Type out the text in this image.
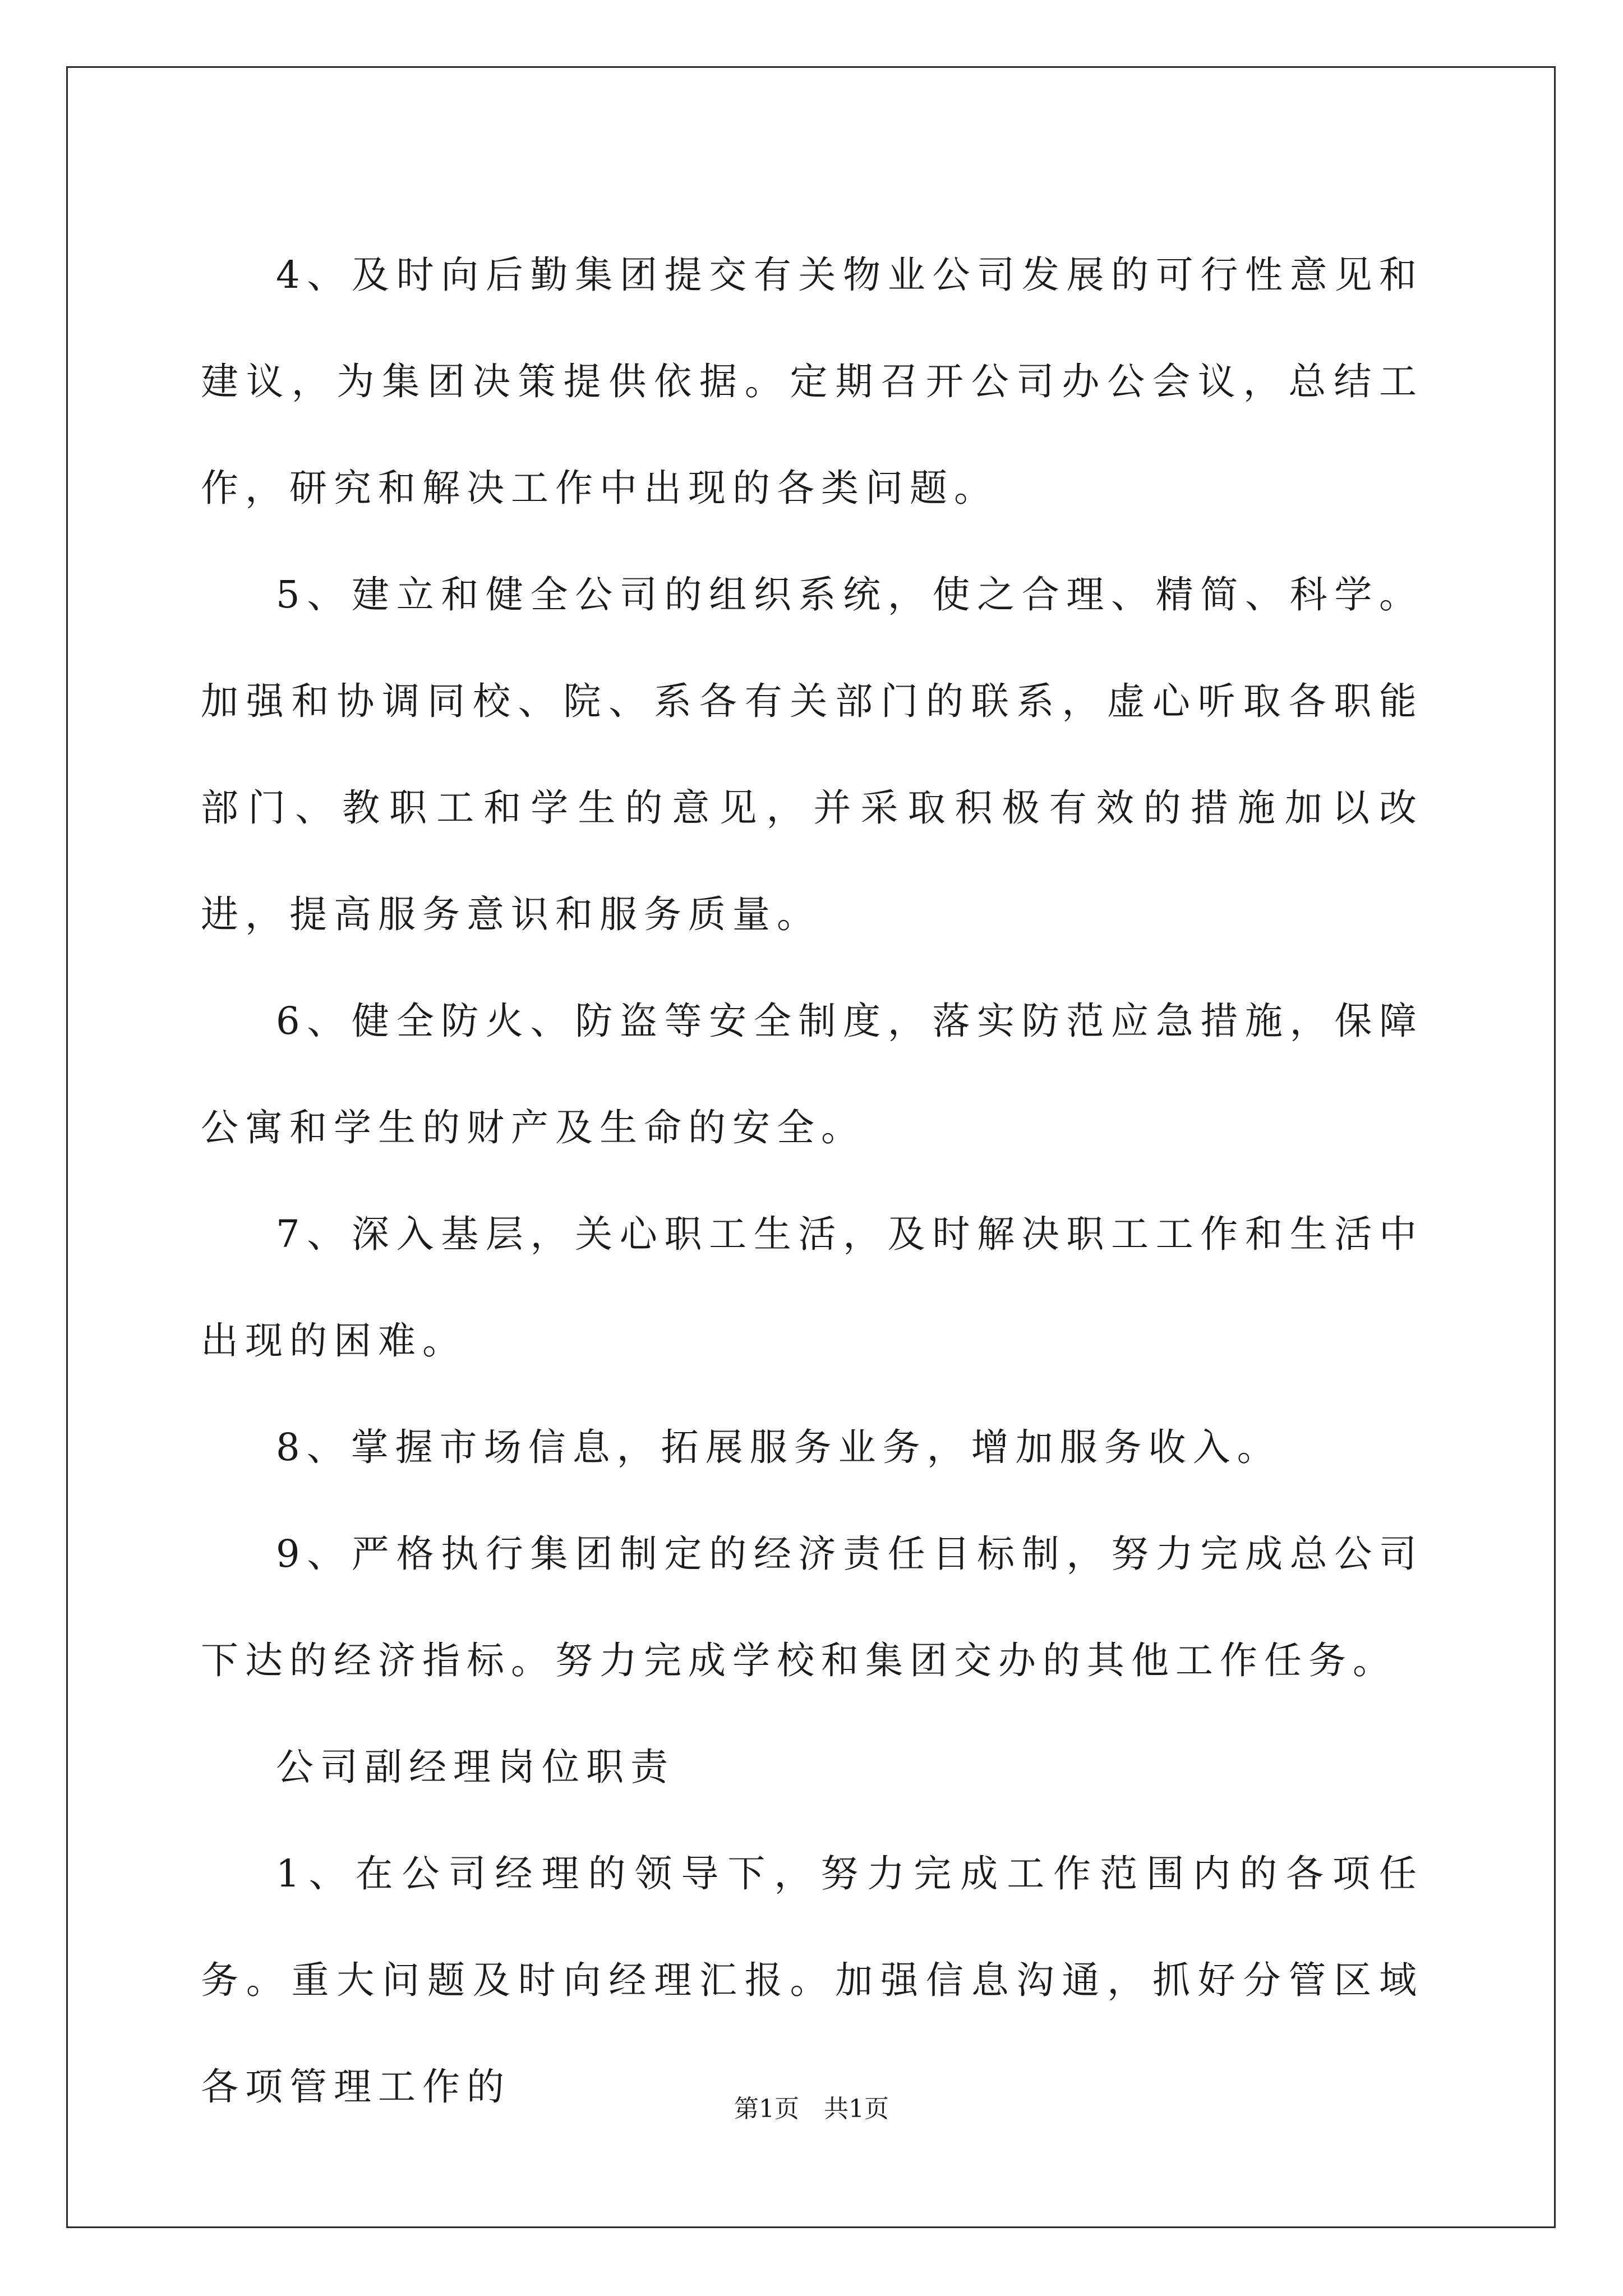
4、及时向后勤集团提交有关物业公司发展的可行性意见和建议，为集团决策提供依据。定期召开公司办公会议，总结工作，研究和解决工作中出现的各类问题。

5、建立和健全公司的组织系统，使之合理、精简、科学。加强和协调同校、院、系各有关部门的联系，虚心听取各职能部门、教职工和学生的意见，并采取积极有效的措施加以改进，提高服务意识和服务质量。

6、健全防火、防盗等安全制度，落实防范应急措施，保障公寓和学生的财产及生命的安全。

7、深入基层，关心职工生活，及时解决职工工作和生活中出现的困难。

8、掌握市场信息，拓展服务业务，增加服务收入。

9、严格执行集团制定的经济责任目标制，努力完成总公司下达的经济指标。努力完成学校和集团交办的其他工作任务。

公司副经理岗位职责

1、在公司经理的领导下，努力完成工作范围内的各项任务。重大问题及时向经理汇报。加强信息沟通，抓好分管区域各项管理工作的

第1页　共1页
